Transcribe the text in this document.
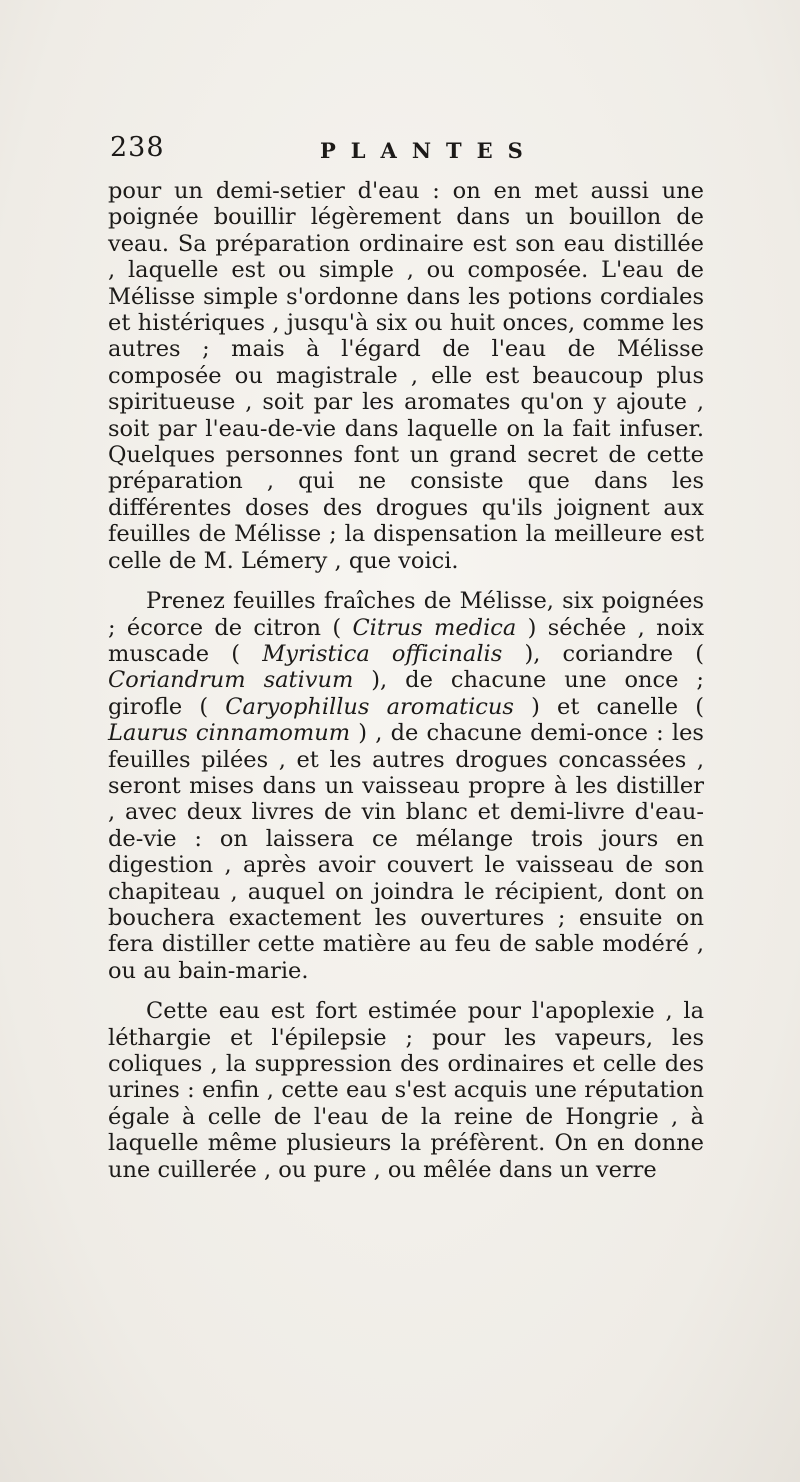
238	PLANTES

pour un demi-setier d'eau : on en met aussi une poignée bouillir légèrement dans un bouillon de veau. Sa préparation ordinaire est son eau distillée , laquelle est ou simple , ou composée. L'eau de Mélisse simple s'ordonne dans les potions cordiales et histériques , jusqu'à six ou huit onces, comme les autres ; mais à l'égard de l'eau de Mélisse composée ou magistrale , elle est beaucoup plus spiritueuse , soit par les aromates qu'on y ajoute , soit par l'eau-de-vie dans laquelle on la fait infuser. Quelques personnes font un grand secret de cette préparation , qui ne consiste que dans les différentes doses des drogues qu'ils joignent aux feuilles de Mélisse ; la dispensation la meilleure est celle de M. Lémery , que voici.

Prenez feuilles fraîches de Mélisse, six poignées ; écorce de citron ( Citrus medica ) séchée , noix muscade ( Myristica officinalis ), coriandre ( Coriandrum sativum ), de chacune une once ; girofle ( Caryophillus aromaticus ) et canelle ( Laurus cinnamomum ) , de chacune demi-once : les feuilles pilées , et les autres drogues concassées , seront mises dans un vaisseau propre à les distiller , avec deux livres de vin blanc et demi-livre d'eau-de-vie : on laissera ce mélange trois jours en digestion , après avoir couvert le vaisseau de son chapiteau , auquel on joindra le récipient, dont on bouchera exactement les ouvertures ; ensuite on fera distiller cette matière au feu de sable modéré , ou au bain-marie.

Cette eau est fort estimée pour l'apoplexie , la léthargie et l'épilepsie ; pour les vapeurs, les coliques , la suppression des ordinaires et celle des urines : enfin , cette eau s'est acquis une réputation égale à celle de l'eau de la reine de Hongrie , à laquelle même plusieurs la préfèrent. On en donne une cuillerée , ou pure , ou mêlée dans un verre
